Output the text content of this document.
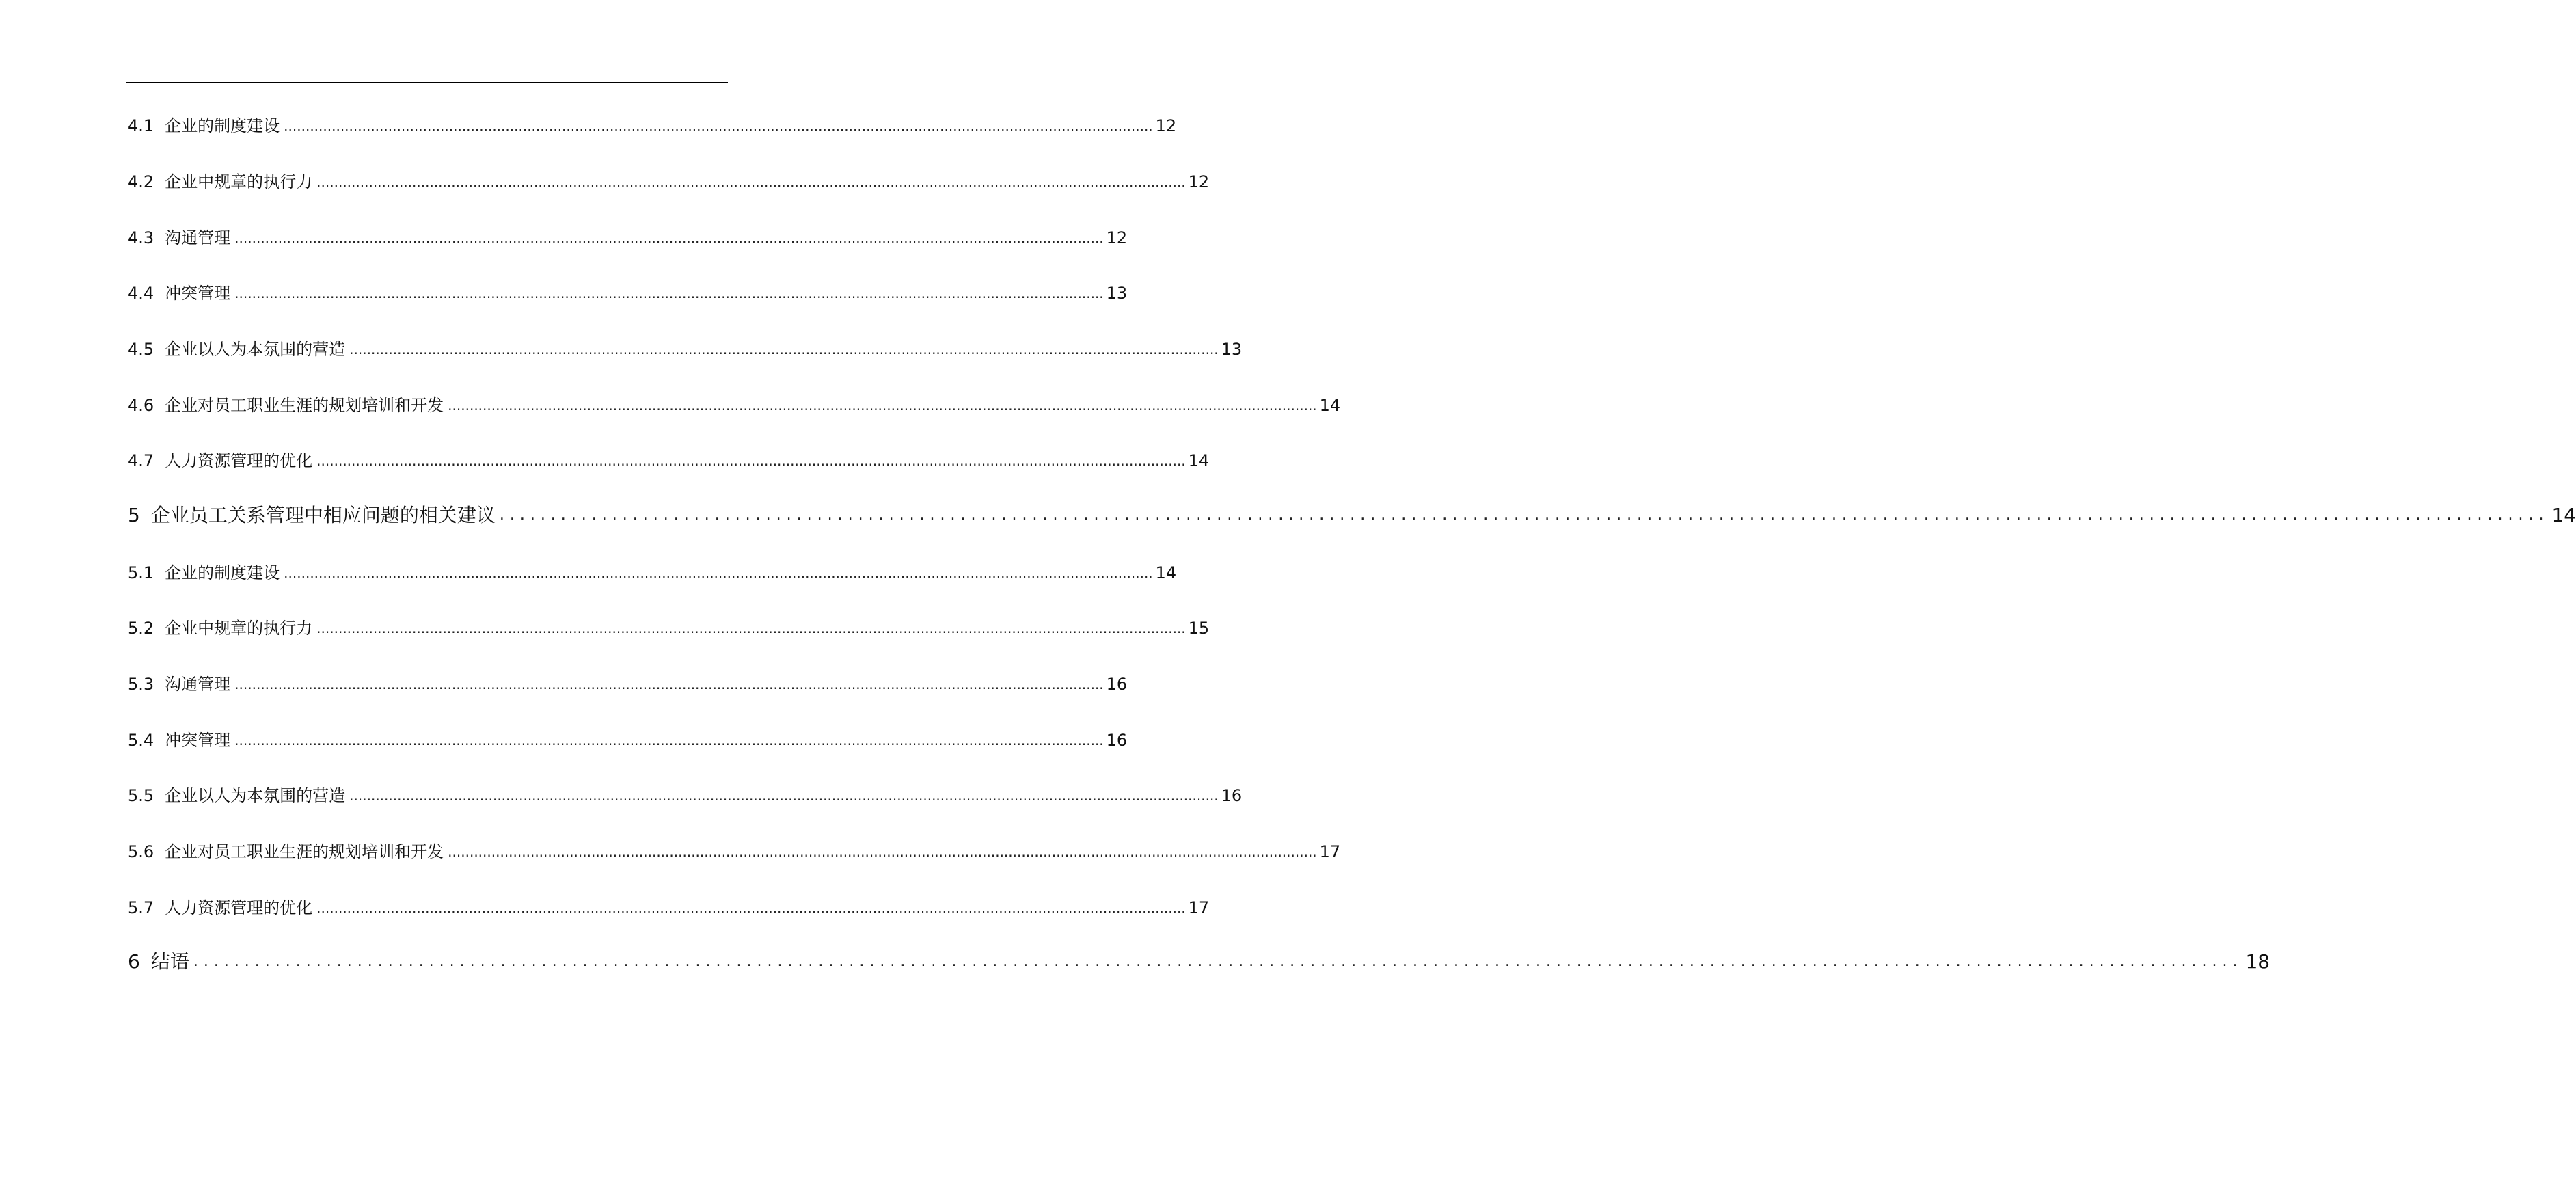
4.1 企业的制度建设 ........................................................................................................................................................................................................ 12
4.2 企业中规章的执行力 ........................................................................................................................................................................................................ 12
4.3 沟通管理 ........................................................................................................................................................................................................ 12
4.4 冲突管理 ........................................................................................................................................................................................................ 13
4.5 企业以人为本氛围的营造 ........................................................................................................................................................................................................ 13
4.6 企业对员工职业生涯的规划培训和开发 ........................................................................................................................................................................................................ 14
4.7 人力资源管理的优化 ........................................................................................................................................................................................................ 14
5 企业员工关系管理中相应问题的相关建议 ........................................................................................................................................................................................................ 14
5.1 企业的制度建设 ........................................................................................................................................................................................................ 14
5.2 企业中规章的执行力 ........................................................................................................................................................................................................ 15
5.3 沟通管理 ........................................................................................................................................................................................................ 16
5.4 冲突管理 ........................................................................................................................................................................................................ 16
5.5 企业以人为本氛围的营造 ........................................................................................................................................................................................................ 16
5.6 企业对员工职业生涯的规划培训和开发 ........................................................................................................................................................................................................ 17
5.7 人力资源管理的优化 ........................................................................................................................................................................................................ 17
6 结语 ........................................................................................................................................................................................................ 18
